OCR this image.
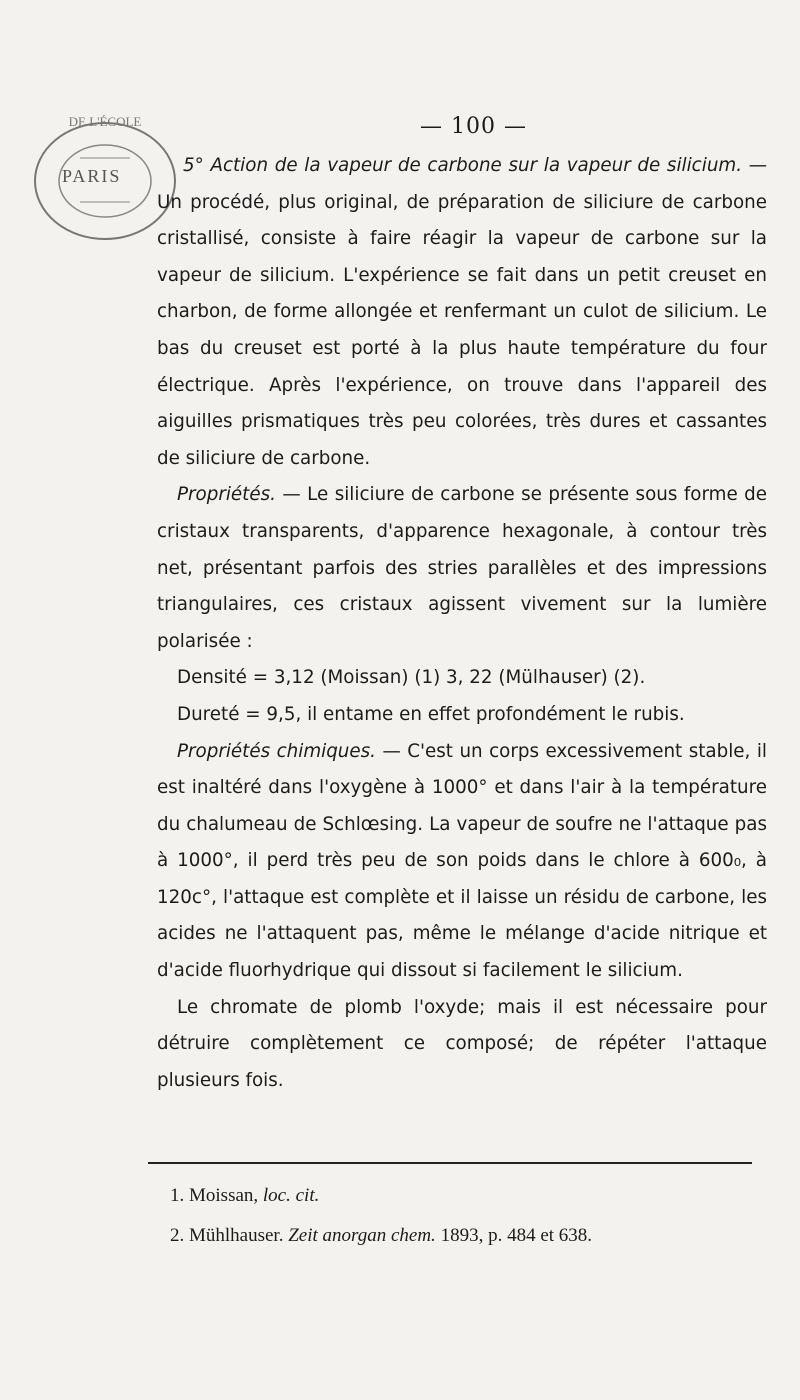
— 100 —
DE L'ÉCOLE
PARIS	5° Action de la vapeur de carbone sur la vapeur de silicium. — Un procédé, plus original, de préparation de siliciure de carbone cristallisé, consiste à faire réagir la vapeur de carbone sur la vapeur de silicium. L'expérience se fait dans un petit creuset en charbon, de forme allongée et renfermant un culot de silicium. Le bas du creuset est porté à la plus haute température du four électrique. Après l'expérience, on trouve dans l'appareil des aiguilles prismatiques très peu colorées, très dures et cassantes de siliciure de carbone.

Propriétés. — Le siliciure de carbone se présente sous forme de cristaux transparents, d'apparence hexagonale, à contour très net, présentant parfois des stries parallèles et des impressions triangulaires, ces cristaux agissent vivement sur la lumière polarisée :

Densité = 3,12 (Moissan) (1) 3, 22 (Mülhauser) (2).

Dureté = 9,5, il entame en effet profondément le rubis.

Propriétés chimiques. — C'est un corps excessivement stable, il est inaltéré dans l'oxygène à 1000° et dans l'air à la température du chalumeau de Schlœsing. La vapeur de soufre ne l'attaque pas à 1000°, il perd très peu de son poids dans le chlore à 600₀, à 120c°, l'attaque est complète et il laisse un résidu de carbone, les acides ne l'attaquent pas, même le mélange d'acide nitrique et d'acide fluorhydrique qui dissout si facilement le silicium.

Le chromate de plomb l'oxyde; mais il est nécessaire pour détruire complètement ce composé; de répéter l'attaque plusieurs fois.

1. Moissan, loc. cit.
2. Mühlhauser. Zeit anorgan chem. 1893, p. 484 et 638.
